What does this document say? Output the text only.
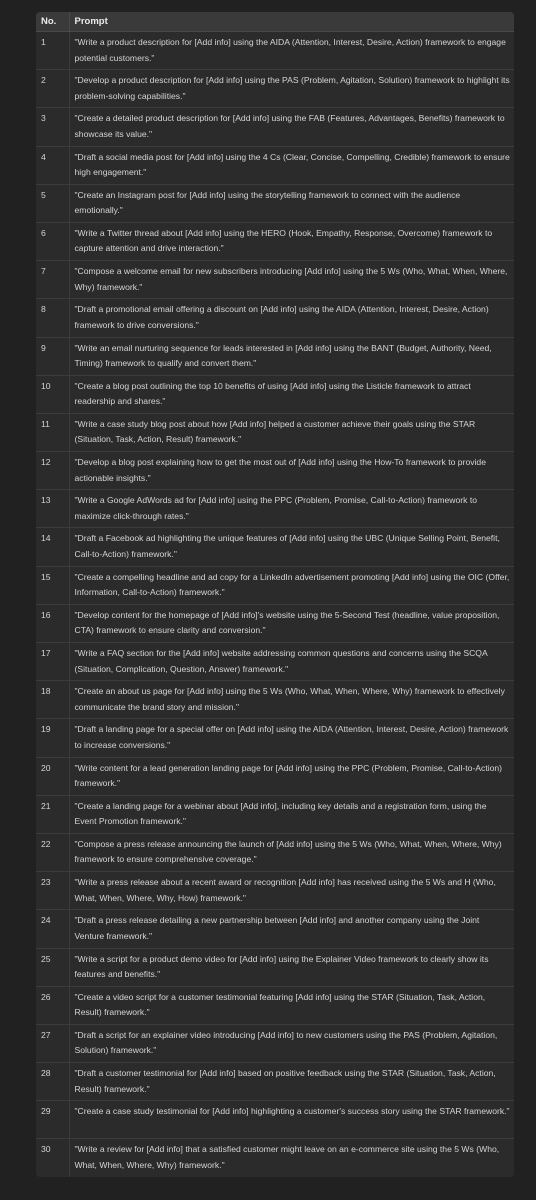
No.	Prompt
1	"Write a product description for [Add info] using the AIDA (Attention, Interest, Desire, Action) framework to engage potential customers."
2	"Develop a product description for [Add info] using the PAS (Problem, Agitation, Solution) framework to highlight its problem-solving capabilities."
3	"Create a detailed product description for [Add info] using the FAB (Features, Advantages, Benefits) framework to showcase its value."
4	"Draft a social media post for [Add info] using the 4 Cs (Clear, Concise, Compelling, Credible) framework to ensure high engagement."
5	"Create an Instagram post for [Add info] using the storytelling framework to connect with the audience emotionally."
6	"Write a Twitter thread about [Add info] using the HERO (Hook, Empathy, Response, Overcome) framework to capture attention and drive interaction."
7	"Compose a welcome email for new subscribers introducing [Add info] using the 5 Ws (Who, What, When, Where, Why) framework."
8	"Draft a promotional email offering a discount on [Add info] using the AIDA (Attention, Interest, Desire, Action) framework to drive conversions."
9	"Write an email nurturing sequence for leads interested in [Add info] using the BANT (Budget, Authority, Need, Timing) framework to qualify and convert them."
10	"Create a blog post outlining the top 10 benefits of using [Add info] using the Listicle framework to attract readership and shares."
11	"Write a case study blog post about how [Add info] helped a customer achieve their goals using the STAR (Situation, Task, Action, Result) framework."
12	"Develop a blog post explaining how to get the most out of [Add info] using the How-To framework to provide actionable insights."
13	"Write a Google AdWords ad for [Add info] using the PPC (Problem, Promise, Call-to-Action) framework to maximize click-through rates."
14	"Draft a Facebook ad highlighting the unique features of [Add info] using the UBC (Unique Selling Point, Benefit, Call-to-Action) framework."
15	"Create a compelling headline and ad copy for a LinkedIn advertisement promoting [Add info] using the OIC (Offer, Information, Call-to-Action) framework."
16	"Develop content for the homepage of [Add info]'s website using the 5-Second Test (headline, value proposition, CTA) framework to ensure clarity and conversion."
17	"Write a FAQ section for the [Add info] website addressing common questions and concerns using the SCQA (Situation, Complication, Question, Answer) framework."
18	"Create an about us page for [Add info] using the 5 Ws (Who, What, When, Where, Why) framework to effectively communicate the brand story and mission."
19	"Draft a landing page for a special offer on [Add info] using the AIDA (Attention, Interest, Desire, Action) framework to increase conversions."
20	"Write content for a lead generation landing page for [Add info] using the PPC (Problem, Promise, Call-to-Action) framework."
21	"Create a landing page for a webinar about [Add info], including key details and a registration form, using the Event Promotion framework."
22	"Compose a press release announcing the launch of [Add info] using the 5 Ws (Who, What, When, Where, Why) framework to ensure comprehensive coverage."
23	"Write a press release about a recent award or recognition [Add info] has received using the 5 Ws and H (Who, What, When, Where, Why, How) framework."
24	"Draft a press release detailing a new partnership between [Add info] and another company using the Joint Venture framework."
25	"Write a script for a product demo video for [Add info] using the Explainer Video framework to clearly show its features and benefits."
26	"Create a video script for a customer testimonial featuring [Add info] using the STAR (Situation, Task, Action, Result) framework."
27	"Draft a script for an explainer video introducing [Add info] to new customers using the PAS (Problem, Agitation, Solution) framework."
28	"Draft a customer testimonial for [Add info] based on positive feedback using the STAR (Situation, Task, Action, Result) framework."
29	"Create a case study testimonial for [Add info] highlighting a customer's success story using the STAR framework."
30	"Write a review for [Add info] that a satisfied customer might leave on an e-commerce site using the 5 Ws (Who, What, When, Where, Why) framework."
